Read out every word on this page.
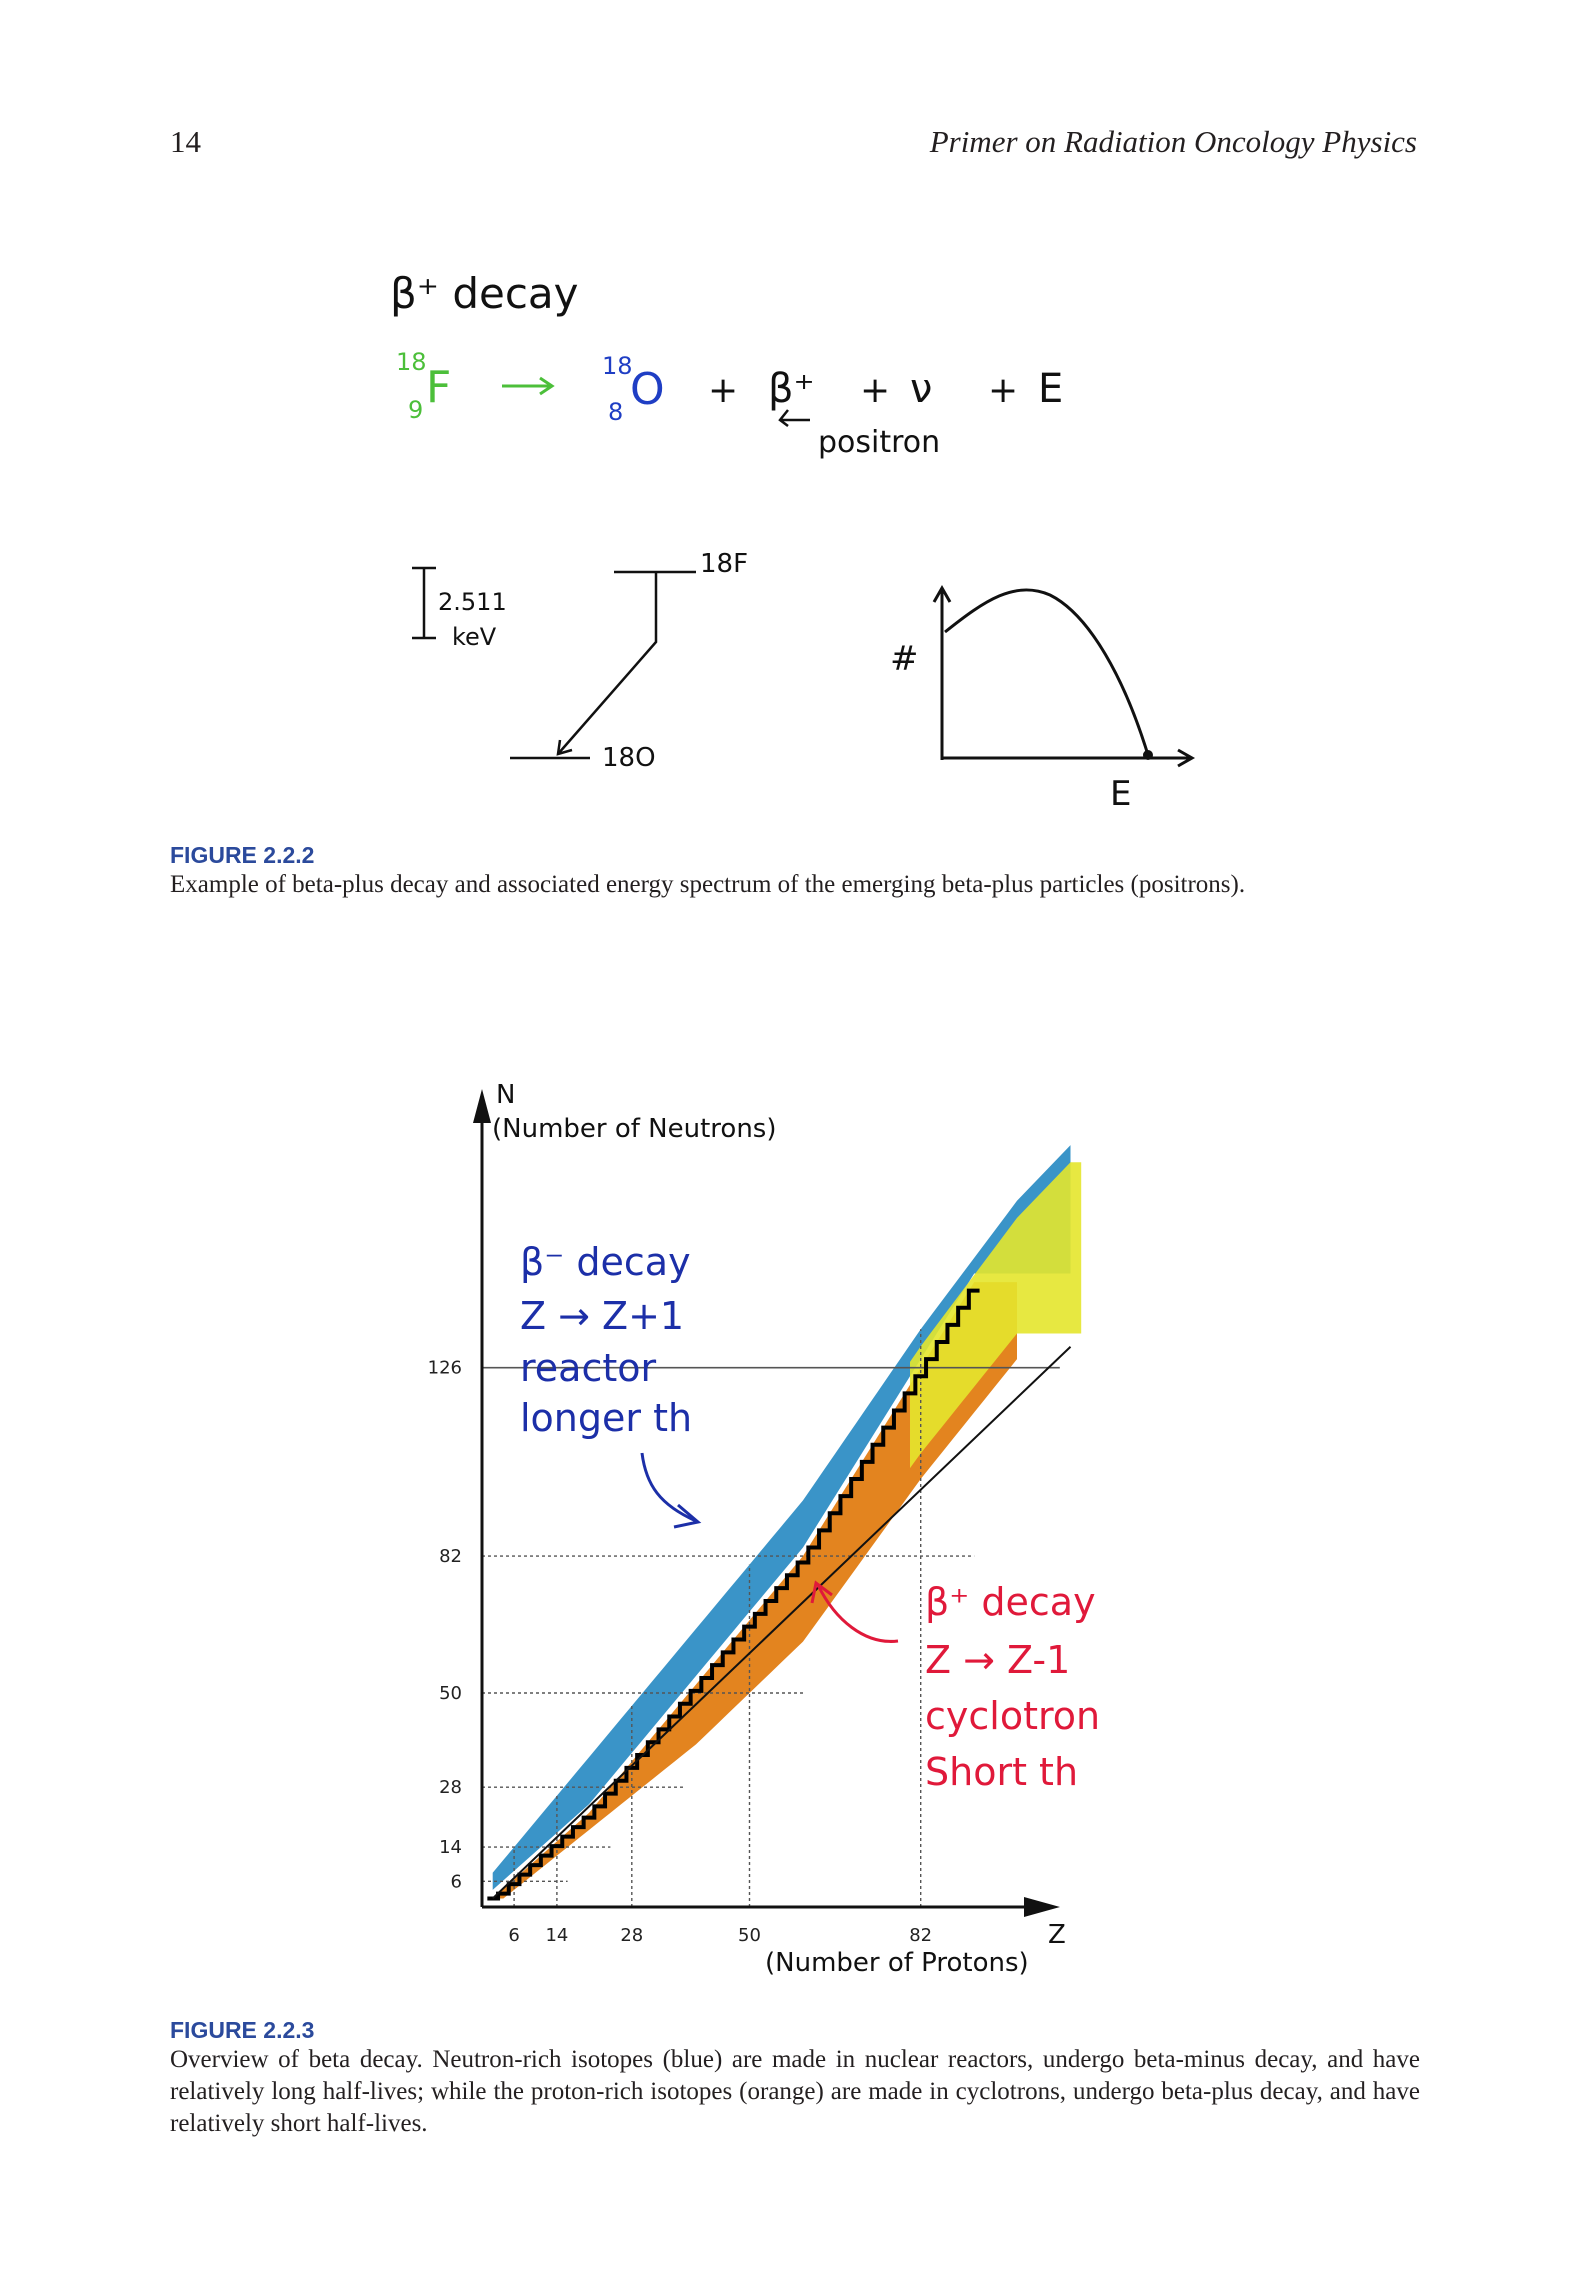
14	Primer on Radiation Oncology Physics
β⁺ decay
18
9 F	18
8 O + β⁺ + ν + E
positron
2.511
keV
18F
18O
#
E
FIGURE 2.2.2
Example of beta-plus decay and associated energy spectrum of the emerging beta-plus particles (positrons).
N
(Number of Neutrons)
Z
(Number of Protons)
6 14	28	50	82
126
82
50
28
14
6
β⁻ decay
Z → Z+1
reactor
longer th
β⁺ decay
Z → Z-1
cyclotron
Short th
FIGURE 2.2.3
Overview of beta decay. Neutron-rich isotopes (blue) are made in nuclear reactors, undergo beta-minus decay, and have relatively long half-lives; while the proton-rich isotopes (orange) are made in cyclotrons, undergo beta-plus decay, and have relatively short half-lives.
